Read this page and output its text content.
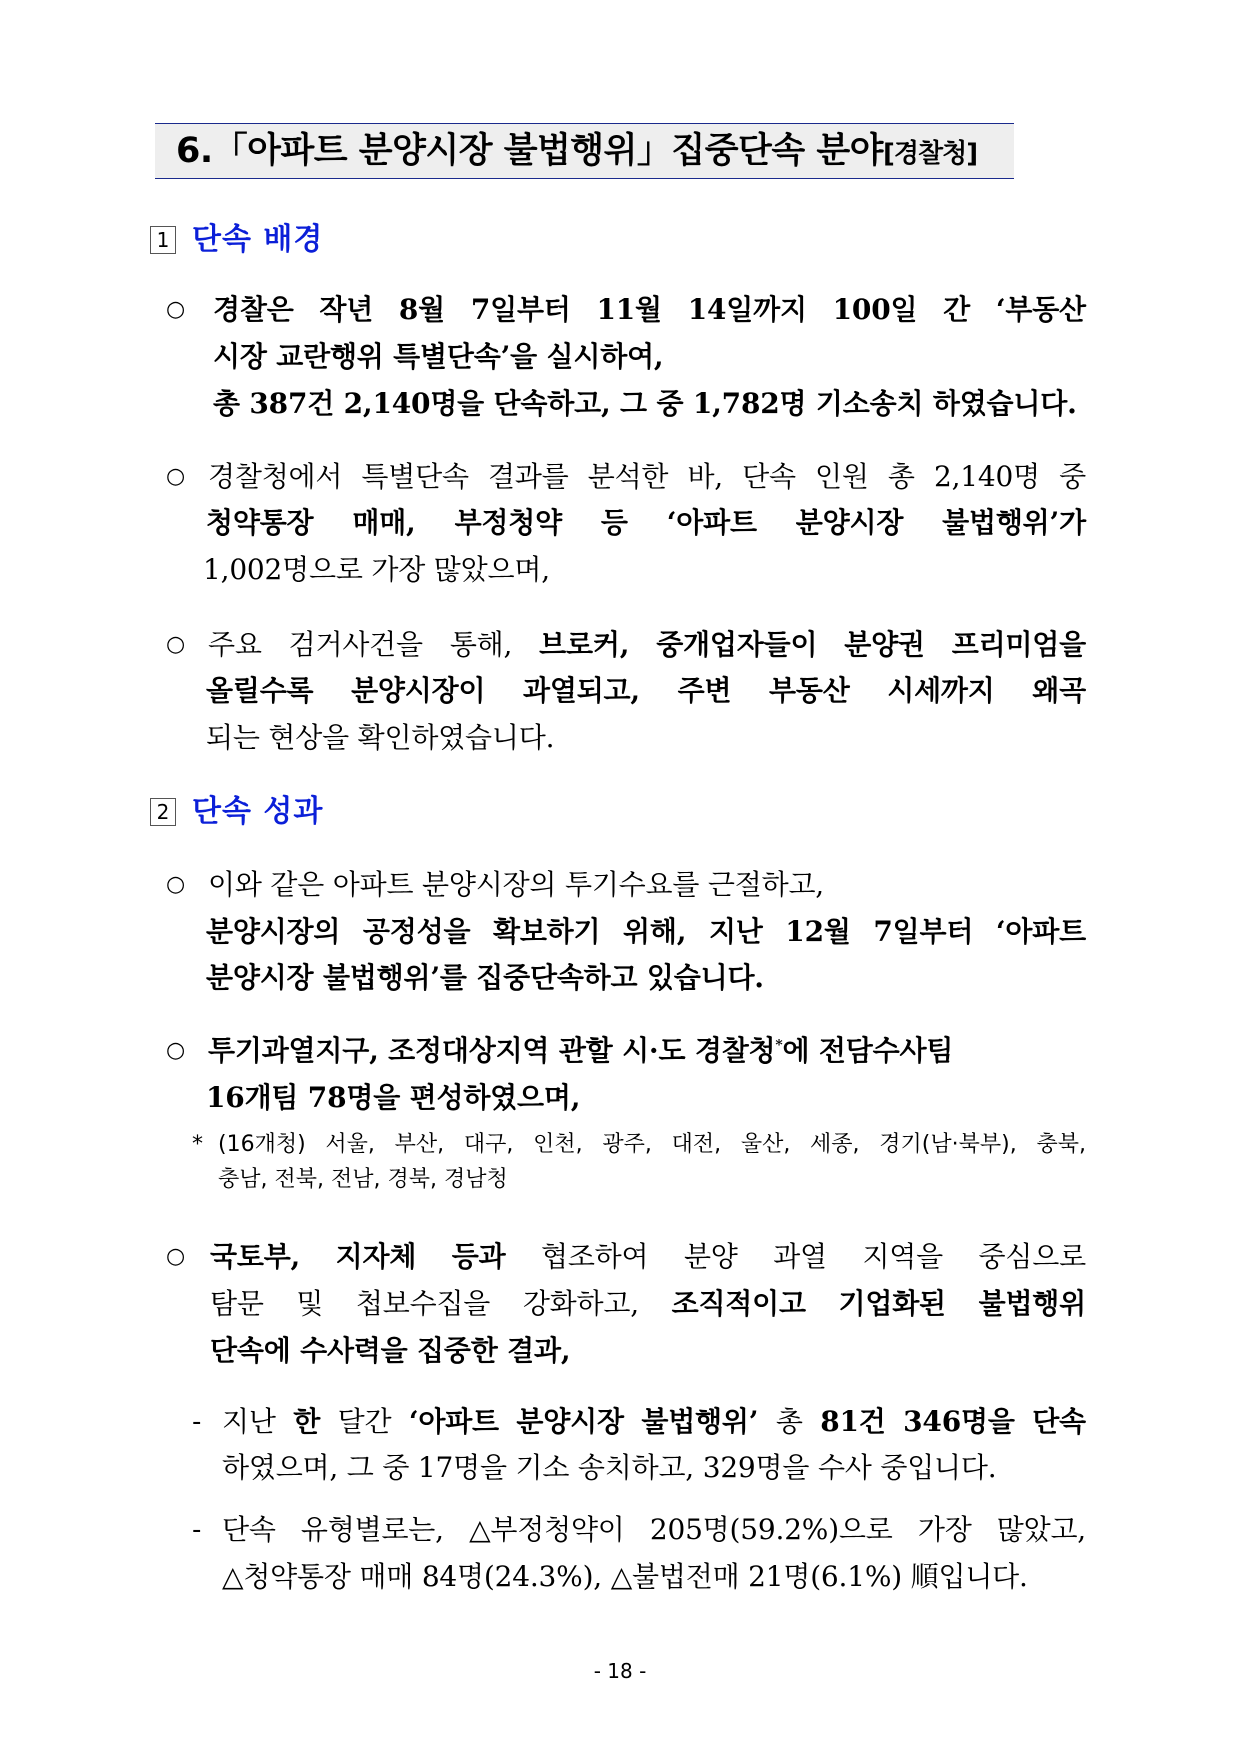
6.「아파트 분양시장 불법행위」집중단속 분야[경찰청]
1 단속 배경
○ 경찰은 작년 8월 7일부터 11월 14일까지 100일 간 ‘부동산
시장 교란행위 특별단속’을 실시하여,
총 387건 2,140명을 단속하고, 그 중 1,782명 기소송치 하였습니다.
○ 경찰청에서 특별단속 결과를 분석한 바, 단속 인원 총 2,140명 중
청약통장 매매, 부정청약 등 ‘아파트 분양시장 불법행위’가
1,002명으로 가장 많았으며,
○ 주요 검거사건을 통해, 브로커, 중개업자들이 분양권 프리미엄을
올릴수록 분양시장이 과열되고, 주변 부동산 시세까지 왜곡
되는 현상을 확인하였습니다.
2 단속 성과
○ 이와 같은 아파트 분양시장의 투기수요를 근절하고,
분양시장의 공정성을 확보하기 위해, 지난 12월 7일부터 ‘아파트
분양시장 불법행위’를 집중단속하고 있습니다.
○ 투기과열지구, 조정대상지역 관할 시·도 경찰청*에 전담수사팀
16개팀 78명을 편성하였으며,
* (16개청) 서울, 부산, 대구, 인천, 광주, 대전, 울산, 세종, 경기(남·북부), 충북,
충남, 전북, 전남, 경북, 경남청
○ 국토부, 지자체 등과 협조하여 분양 과열 지역을 중심으로
탐문 및 첩보수집을 강화하고, 조직적이고 기업화된 불법행위
단속에 수사력을 집중한 결과,
- 지난 한 달간 ‘아파트 분양시장 불법행위’ 총 81건 346명을 단속
하였으며, 그 중 17명을 기소 송치하고, 329명을 수사 중입니다.
- 단속 유형별로는, △부정청약이 205명(59.2%)으로 가장 많았고,
△청약통장 매매 84명(24.3%), △불법전매 21명(6.1%) 順입니다.
- 18 -
